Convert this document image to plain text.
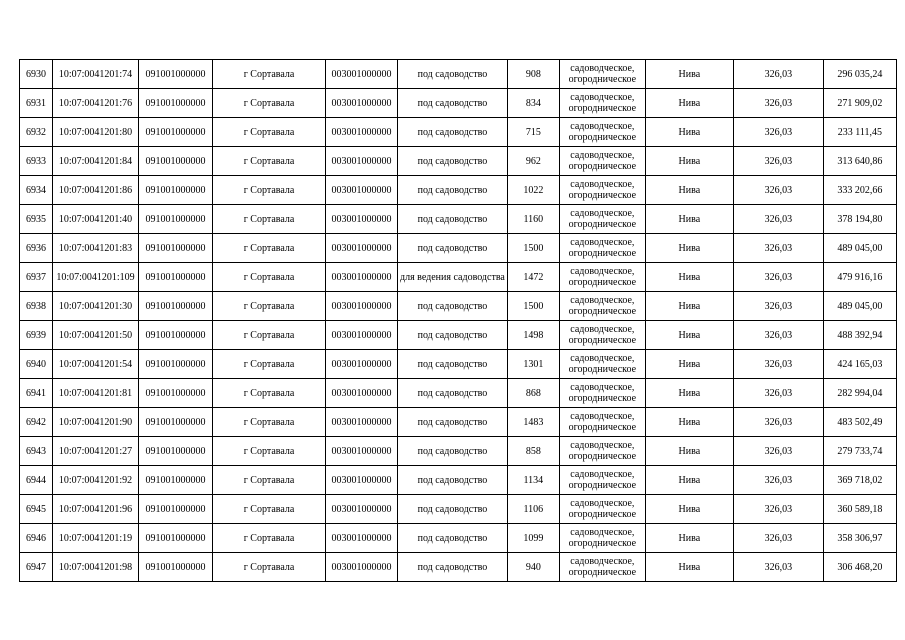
6930	10:07:0041201:74	091001000000	г Сортавала	003001000000	под садоводство	908	садоводческое,
огородническое	Нива	326,03	296 035,24
6931	10:07:0041201:76	091001000000	г Сортавала	003001000000	под садоводство	834	садоводческое,
огородническое	Нива	326,03	271 909,02
6932	10:07:0041201:80	091001000000	г Сортавала	003001000000	под садоводство	715	садоводческое,
огородническое	Нива	326,03	233 111,45
6933	10:07:0041201:84	091001000000	г Сортавала	003001000000	под садоводство	962	садоводческое,
огородническое	Нива	326,03	313 640,86
6934	10:07:0041201:86	091001000000	г Сортавала	003001000000	под садоводство	1022	садоводческое,
огородническое	Нива	326,03	333 202,66
6935	10:07:0041201:40	091001000000	г Сортавала	003001000000	под садоводство	1160	садоводческое,
огородническое	Нива	326,03	378 194,80
6936	10:07:0041201:83	091001000000	г Сортавала	003001000000	под садоводство	1500	садоводческое,
огородническое	Нива	326,03	489 045,00
6937	10:07:0041201:109	091001000000	г Сортавала	003001000000	для ведения садоводства	1472	садоводческое,
огородническое	Нива	326,03	479 916,16
6938	10:07:0041201:30	091001000000	г Сортавала	003001000000	под садоводство	1500	садоводческое,
огородническое	Нива	326,03	489 045,00
6939	10:07:0041201:50	091001000000	г Сортавала	003001000000	под садоводство	1498	садоводческое,
огородническое	Нива	326,03	488 392,94
6940	10:07:0041201:54	091001000000	г Сортавала	003001000000	под садоводство	1301	садоводческое,
огородническое	Нива	326,03	424 165,03
6941	10:07:0041201:81	091001000000	г Сортавала	003001000000	под садоводство	868	садоводческое,
огородническое	Нива	326,03	282 994,04
6942	10:07:0041201:90	091001000000	г Сортавала	003001000000	под садоводство	1483	садоводческое,
огородническое	Нива	326,03	483 502,49
6943	10:07:0041201:27	091001000000	г Сортавала	003001000000	под садоводство	858	садоводческое,
огородническое	Нива	326,03	279 733,74
6944	10:07:0041201:92	091001000000	г Сортавала	003001000000	под садоводство	1134	садоводческое,
огородническое	Нива	326,03	369 718,02
6945	10:07:0041201:96	091001000000	г Сортавала	003001000000	под садоводство	1106	садоводческое,
огородническое	Нива	326,03	360 589,18
6946	10:07:0041201:19	091001000000	г Сортавала	003001000000	под садоводство	1099	садоводческое,
огородническое	Нива	326,03	358 306,97
6947	10:07:0041201:98	091001000000	г Сортавала	003001000000	под садоводство	940	садоводческое,
огородническое	Нива	326,03	306 468,20
